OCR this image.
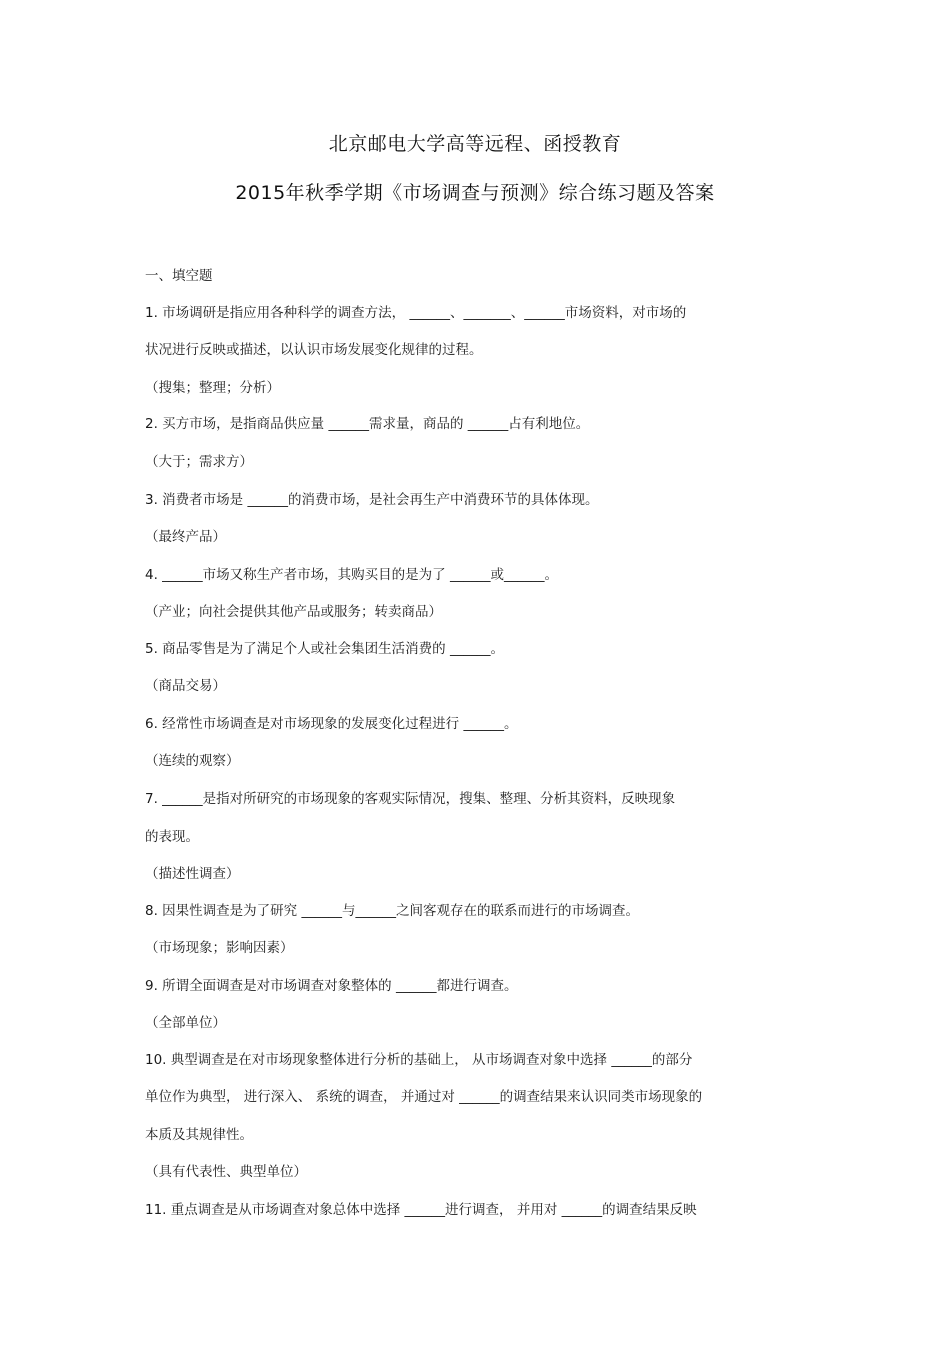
北京邮电大学高等远程、函授教育
2015年秋季学期《市场调查与预测》综合练习题及答案
一、填空题
1. 市场调研是指应用各种科学的调查方法， ______、_______、______市场资料，对市场的
状况进行反映或描述，以认识市场发展变化规律的过程。
（搜集；整理；分析）
2. 买方市场，是指商品供应量 ______需求量，商品的 ______占有利地位。
（大于；需求方）
3. 消费者市场是 ______的消费市场，是社会再生产中消费环节的具体体现。
（最终产品）
4. ______市场又称生产者市场，其购买目的是为了 ______或______。
（产业；向社会提供其他产品或服务；转卖商品）
5. 商品零售是为了满足个人或社会集团生活消费的 ______。
（商品交易）
6. 经常性市场调查是对市场现象的发展变化过程进行 ______。
（连续的观察）
7. ______是指对所研究的市场现象的客观实际情况，搜集、整理、分析其资料，反映现象
的表现。
（描述性调查）
8. 因果性调查是为了研究 ______与______之间客观存在的联系而进行的市场调查。
（市场现象；影响因素）
9. 所谓全面调查是对市场调查对象整体的 ______都进行调查。
（全部单位）
10. 典型调查是在对市场现象整体进行分析的基础上， 从市场调查对象中选择 ______的部分
单位作为典型， 进行深入、 系统的调查， 并通过对 ______的调查结果来认识同类市场现象的
本质及其规律性。
（具有代表性、典型单位）
11. 重点调查是从市场调查对象总体中选择 ______进行调查， 并用对 ______的调查结果反映
